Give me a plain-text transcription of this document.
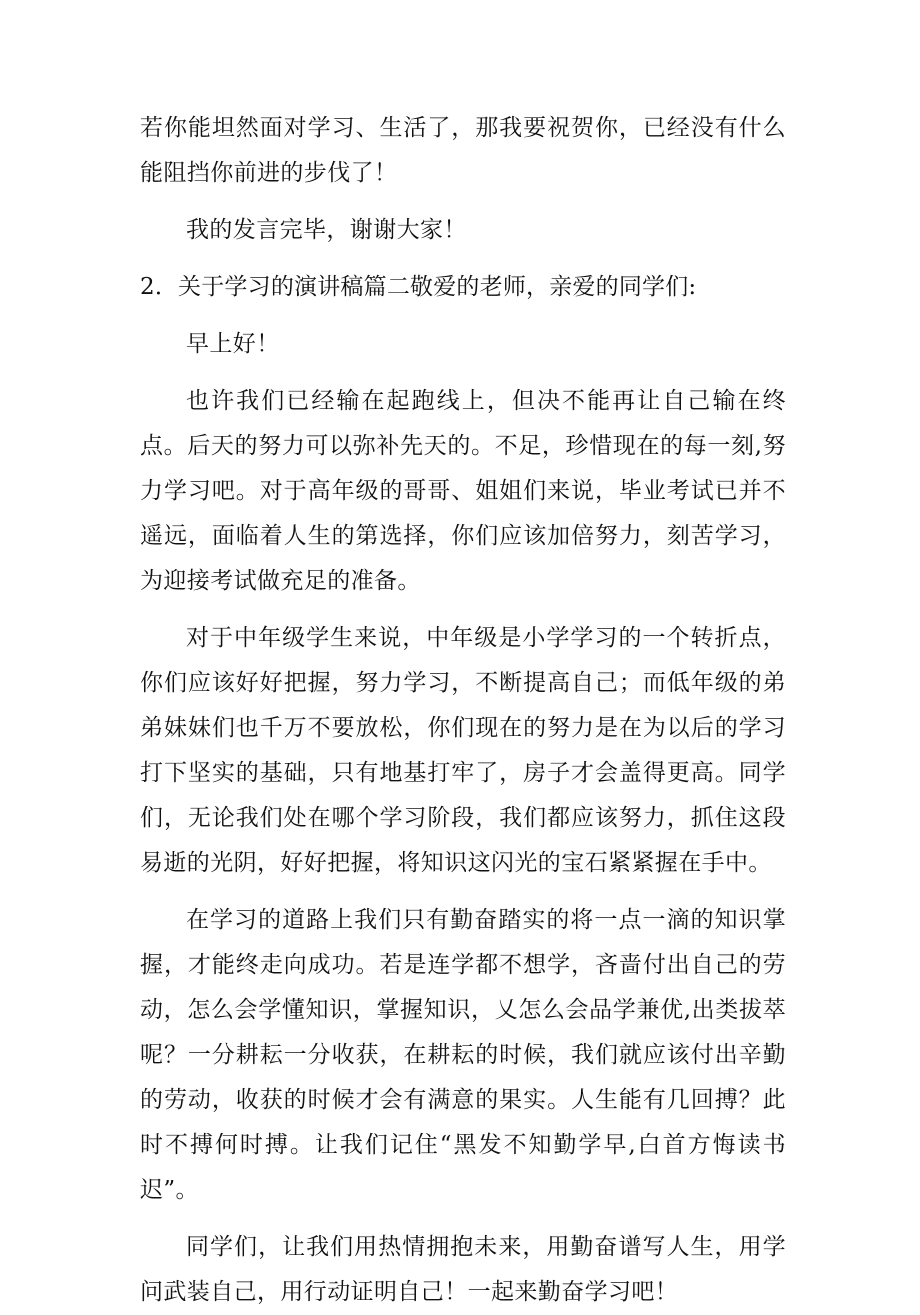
若你能坦然面对学习、生活了，那我要祝贺你，已经没有什么能阻挡你前进的步伐了！

我的发言完毕，谢谢大家！

2．关于学习的演讲稿篇二敬爱的老师，亲爱的同学们:

早上好！

也许我们已经输在起跑线上，但决不能再让自己输在终点。后天的努力可以弥补先天的。不足，珍惜现在的每一刻,努力学习吧。对于高年级的哥哥、姐姐们来说，毕业考试已并不遥远，面临着人生的第选择，你们应该加倍努力，刻苦学习，为迎接考试做充足的准备。

对于中年级学生来说，中年级是小学学习的一个转折点，你们应该好好把握，努力学习，不断提高自己；而低年级的弟弟妹妹们也千万不要放松，你们现在的努力是在为以后的学习打下坚实的基础，只有地基打牢了，房子才会盖得更高。同学们，无论我们处在哪个学习阶段，我们都应该努力，抓住这段易逝的光阴，好好把握，将知识这闪光的宝石紧紧握在手中。

在学习的道路上我们只有勤奋踏实的将一点一滴的知识掌握，才能终走向成功。若是连学都不想学，吝啬付出自己的劳动，怎么会学懂知识，掌握知识，乂怎么会品学兼优,出类拔萃呢？一分耕耘一分收获，在耕耘的时候，我们就应该付出辛勤的劳动，收获的时候才会有满意的果实。人生能有几回搏？此时不搏何时搏。让我们记住“黑发不知勤学早,白首方悔读书迟”。

同学们，让我们用热情拥抱未来，用勤奋谱写人生，用学问武装自己，用行动证明自己！一起来勤奋学习吧！
